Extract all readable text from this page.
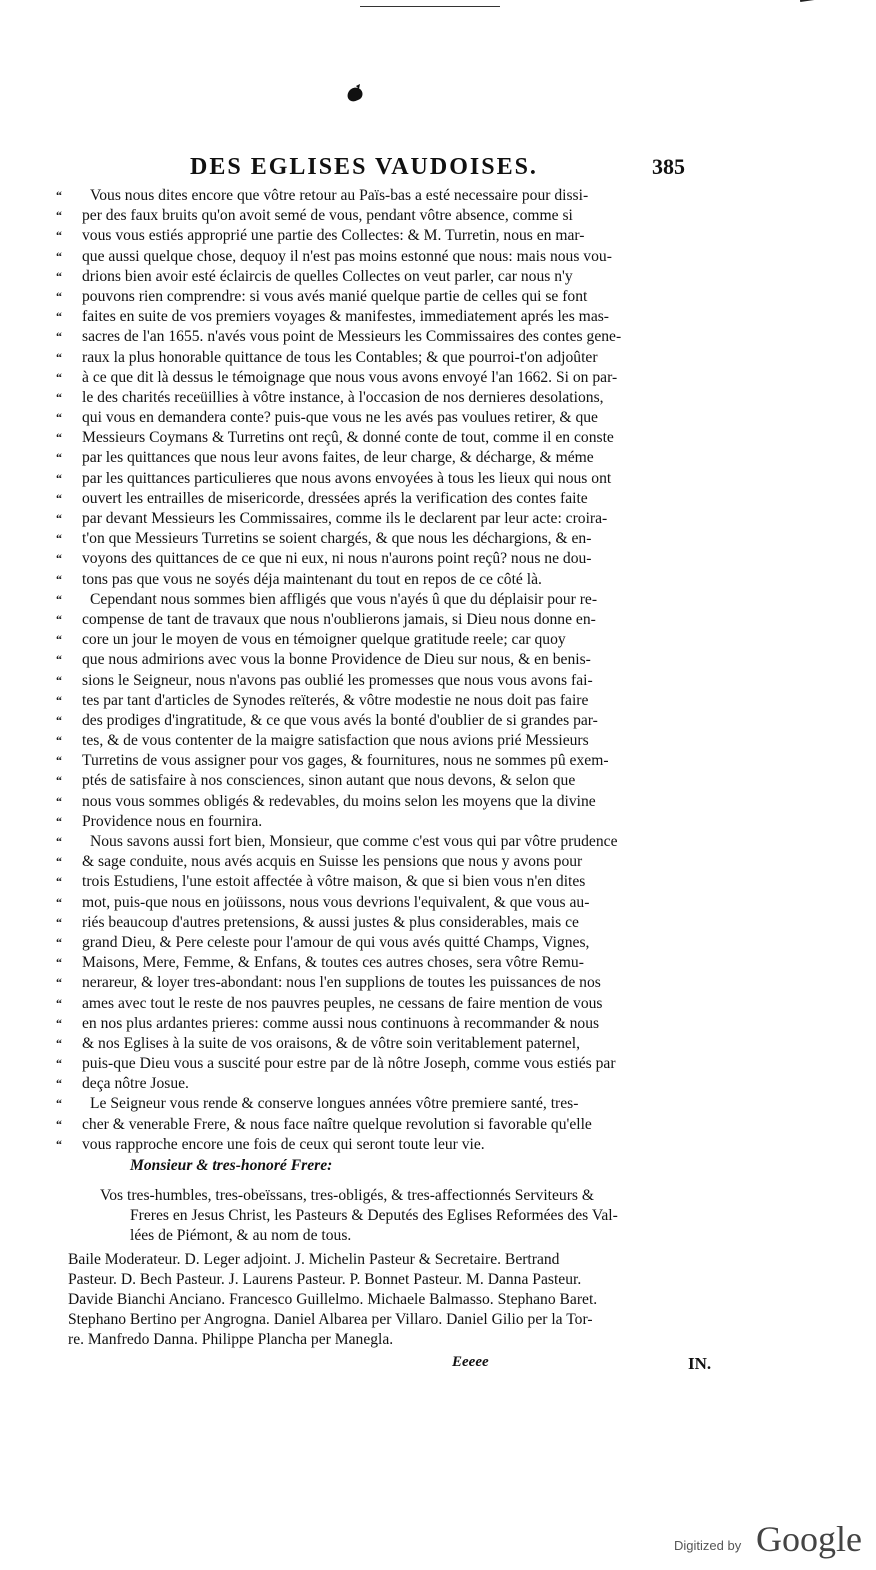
DES EGLISES VAUDOISES.	385
“ Vous nous dites encore que vôtre retour au Païs-bas a esté necessaire pour dissi-
“ per des faux bruits qu'on avoit semé de vous, pendant vôtre absence, comme si
“ vous vous estiés approprié une partie des Collectes: & M. Turretin, nous en mar-
“ que aussi quelque chose, dequoy il n'est pas moins estonné que nous: mais nous vou-
“ drions bien avoir esté éclaircis de quelles Collectes on veut parler, car nous n'y
“ pouvons rien comprendre: si vous avés manié quelque partie de celles qui se font
“ faites en suite de vos premiers voyages & manifestes, immediatement aprés les mas-
“ sacres de l'an 1655. n'avés vous point de Messieurs les Commissaires des contes gene-
“ raux la plus honorable quittance de tous les Contables; & que pourroi-t'on adjoûter
“ à ce que dit là dessus le témoignage que nous vous avons envoyé l'an 1662. Si on par-
“ le des charités receüillies à vôtre instance, à l'occasion de nos dernieres desolations,
“ qui vous en demandera conte? puis-que vous ne les avés pas voulues retirer, & que
“ Messieurs Coymans & Turretins ont reçû, & donné conte de tout, comme il en conste
“ par les quittances que nous leur avons faites, de leur charge, & décharge, & méme
“ par les quittances particulieres que nous avons envoyées à tous les lieux qui nous ont
“ ouvert les entrailles de misericorde, dressées aprés la verification des contes faite
“ par devant Messieurs les Commissaires, comme ils le declarent par leur acte: croira-
“ t'on que Messieurs Turretins se soient chargés, & que nous les déchargions, & en-
“ voyons des quittances de ce que ni eux, ni nous n'aurons point reçû? nous ne dou-
“ tons pas que vous ne soyés déja maintenant du tout en repos de ce côté là.
“ Cependant nous sommes bien affligés que vous n'ayés û que du déplaisir pour re-
“ compense de tant de travaux que nous n'oublierons jamais, si Dieu nous donne en-
“ core un jour le moyen de vous en témoigner quelque gratitude reele; car quoy
“ que nous admirions avec vous la bonne Providence de Dieu sur nous, & en benis-
“ sions le Seigneur, nous n'avons pas oublié les promesses que nous vous avons fai-
“ tes par tant d'articles de Synodes reïterés, & vôtre modestie ne nous doit pas faire
“ des prodiges d'ingratitude, & ce que vous avés la bonté d'oublier de si grandes par-
“ tes, & de vous contenter de la maigre satisfaction que nous avions prié Messieurs
“ Turretins de vous assigner pour vos gages, & fournitures, nous ne sommes pû exem-
“ ptés de satisfaire à nos consciences, sinon autant que nous devons, & selon que
“ nous vous sommes obligés & redevables, du moins selon les moyens que la divine
“ Providence nous en fournira.
“ Nous savons aussi fort bien, Monsieur, que comme c'est vous qui par vôtre prudence
“ & sage conduite, nous avés acquis en Suisse les pensions que nous y avons pour
“ trois Estudiens, l'une estoit affectée à vôtre maison, & que si bien vous n'en dites
“ mot, puis-que nous en joüissons, nous vous devrions l'equivalent, & que vous au-
“ riés beaucoup d'autres pretensions, & aussi justes & plus considerables, mais ce
“ grand Dieu, & Pere celeste pour l'amour de qui vous avés quitté Champs, Vignes,
“ Maisons, Mere, Femme, & Enfans, & toutes ces autres choses, sera vôtre Remu-
“ nerareur, & loyer tres-abondant: nous l'en supplions de toutes les puissances de nos
“ ames avec tout le reste de nos pauvres peuples, ne cessans de faire mention de vous
“ en nos plus ardantes prieres: comme aussi nous continuons à recommander & nous
“ & nos Eglises à la suite de vos oraisons, & de vôtre soin veritablement paternel,
“ puis-que Dieu vous a suscité pour estre par de là nôtre Joseph, comme vous estiés par
“ deça nôtre Josue.
“ Le Seigneur vous rende & conserve longues années vôtre premiere santé, tres-
“ cher & venerable Frere, & nous face naître quelque revolution si favorable qu'elle
“ vous rapproche encore une fois de ceux qui seront toute leur vie.
Monsieur & tres-honoré Frere:
Vos tres-humbles, tres-obeïssans, tres-obligés, & tres-affectionnés Serviteurs &
Freres en Jesus Christ, les Pasteurs & Deputés des Eglises Reformées des Val-
lées de Piémont, & au nom de tous.
Baile Moderateur. D. Leger adjoint. J. Michelin Pasteur & Secretaire. Bertrand
Pasteur. D. Bech Pasteur. J. Laurens Pasteur. P. Bonnet Pasteur. M. Danna Pasteur.
Davide Bianchi Anciano. Francesco Guillelmo. Michaele Balmasso. Stephano Baret.
Stephano Bertino per Angrogna. Daniel Albarea per Villaro. Daniel Gilio per la Tor-
re. Manfredo Danna. Philippe Plancha per Manegla.
Eeeee	IN.
Digitized by Google
